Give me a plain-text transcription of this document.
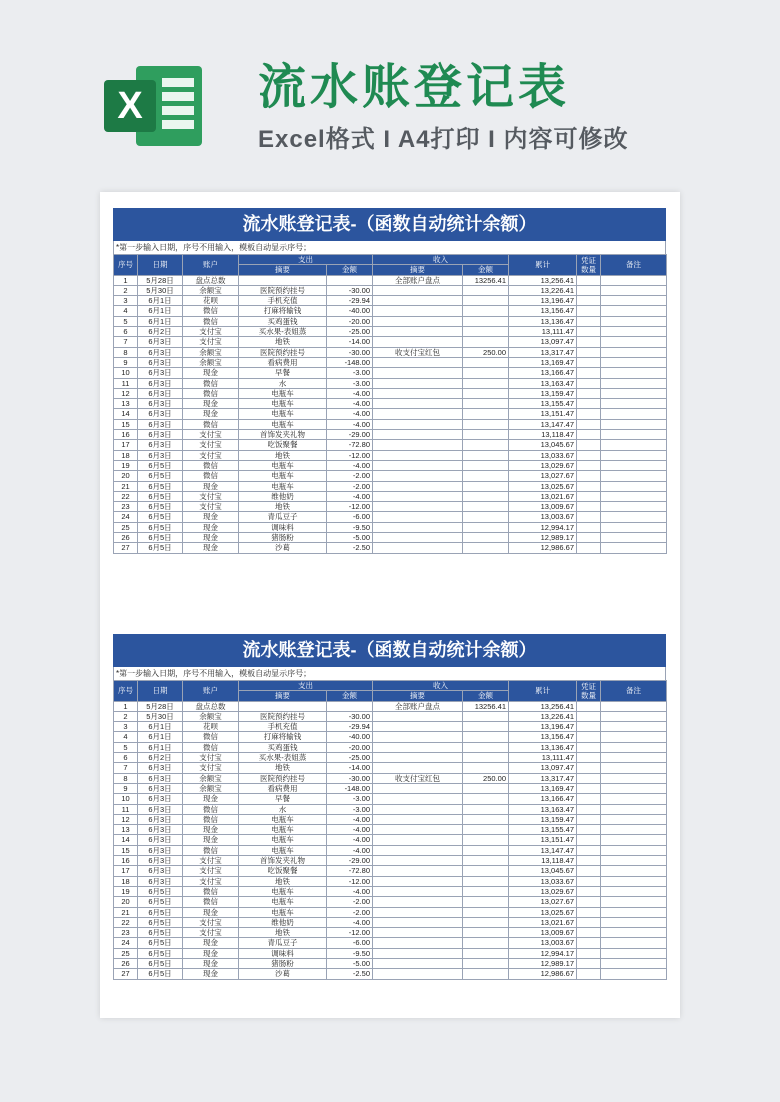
X 流水账登记表
Excel格式 I A4打印 I 内容可修改
流水账登记表-（函数自动统计余额）
*第一步输入日期，序号不用输入，模板自动显示序号；
序号	日期	账户	支出		收入		累计	凭证
数量	备注
			摘要	金额	摘要	金额			
1	5月28日	盘点总数			全部账户盘点	13256.41	13,256.41		
2	5月30日	余额宝	医院预约挂号	-30.00			13,226.41		
3	6月1日	花呗	手机充值	-29.94			13,196.47		
4	6月1日	微信	打麻将输钱	-40.00			13,156.47		
5	6月1日	微信	买鸡蛋钱	-20.00			13,136.47		
6	6月2日	支付宝	买水果-表姐蒸	-25.00			13,111.47		
7	6月3日	支付宝	地铁	-14.00			13,097.47		
8	6月3日	余额宝	医院预约挂号	-30.00	收支付宝红包	250.00	13,317.47		
9	6月3日	余额宝	看病费用	-148.00			13,169.47		
10	6月3日	现金	早餐	-3.00			13,166.47		
11	6月3日	微信	水	-3.00			13,163.47		
12	6月3日	微信	电瓶车	-4.00			13,159.47		
13	6月3日	现金	电瓶车	-4.00			13,155.47		
14	6月3日	现金	电瓶车	-4.00			13,151.47		
15	6月3日	微信	电瓶车	-4.00			13,147.47		
16	6月3日	支付宝	首饰发夹礼物	-29.00			13,118.47		
17	6月3日	支付宝	吃饭聚餐	-72.80			13,045.67		
18	6月3日	支付宝	地铁	-12.00			13,033.67		
19	6月5日	微信	电瓶车	-4.00			13,029.67		
20	6月5日	微信	电瓶车	-2.00			13,027.67		
21	6月5日	现金	电瓶车	-2.00			13,025.67		
22	6月5日	支付宝	维他奶	-4.00			13,021.67		
23	6月5日	支付宝	地铁	-12.00			13,009.67		
24	6月5日	现金	青瓜豆子	-6.00			13,003.67		
25	6月5日	现金	调味料	-9.50			12,994.17		
26	6月5日	现金	猪肠粉	-5.00			12,989.17		
27	6月5日	现金	沙葛	-2.50			12,986.67		
流水账登记表-（函数自动统计余额）
*第一步输入日期，序号不用输入，模板自动显示序号；
序号	日期	账户	支出		收入		累计	凭证
数量	备注
			摘要	金额	摘要	金额			
1	5月28日	盘点总数			全部账户盘点	13256.41	13,256.41		
2	5月30日	余额宝	医院预约挂号	-30.00			13,226.41		
3	6月1日	花呗	手机充值	-29.94			13,196.47		
4	6月1日	微信	打麻将输钱	-40.00			13,156.47		
5	6月1日	微信	买鸡蛋钱	-20.00			13,136.47		
6	6月2日	支付宝	买水果-表姐蒸	-25.00			13,111.47		
7	6月3日	支付宝	地铁	-14.00			13,097.47		
8	6月3日	余额宝	医院预约挂号	-30.00	收支付宝红包	250.00	13,317.47		
9	6月3日	余额宝	看病费用	-148.00			13,169.47		
10	6月3日	现金	早餐	-3.00			13,166.47		
11	6月3日	微信	水	-3.00			13,163.47		
12	6月3日	微信	电瓶车	-4.00			13,159.47		
13	6月3日	现金	电瓶车	-4.00			13,155.47		
14	6月3日	现金	电瓶车	-4.00			13,151.47		
15	6月3日	微信	电瓶车	-4.00			13,147.47		
16	6月3日	支付宝	首饰发夹礼物	-29.00			13,118.47		
17	6月3日	支付宝	吃饭聚餐	-72.80			13,045.67		
18	6月3日	支付宝	地铁	-12.00			13,033.67		
19	6月5日	微信	电瓶车	-4.00			13,029.67		
20	6月5日	微信	电瓶车	-2.00			13,027.67		
21	6月5日	现金	电瓶车	-2.00			13,025.67		
22	6月5日	支付宝	维他奶	-4.00			13,021.67		
23	6月5日	支付宝	地铁	-12.00			13,009.67		
24	6月5日	现金	青瓜豆子	-6.00			13,003.67		
25	6月5日	现金	调味料	-9.50			12,994.17		
26	6月5日	现金	猪肠粉	-5.00			12,989.17		
27	6月5日	现金	沙葛	-2.50			12,986.67		
